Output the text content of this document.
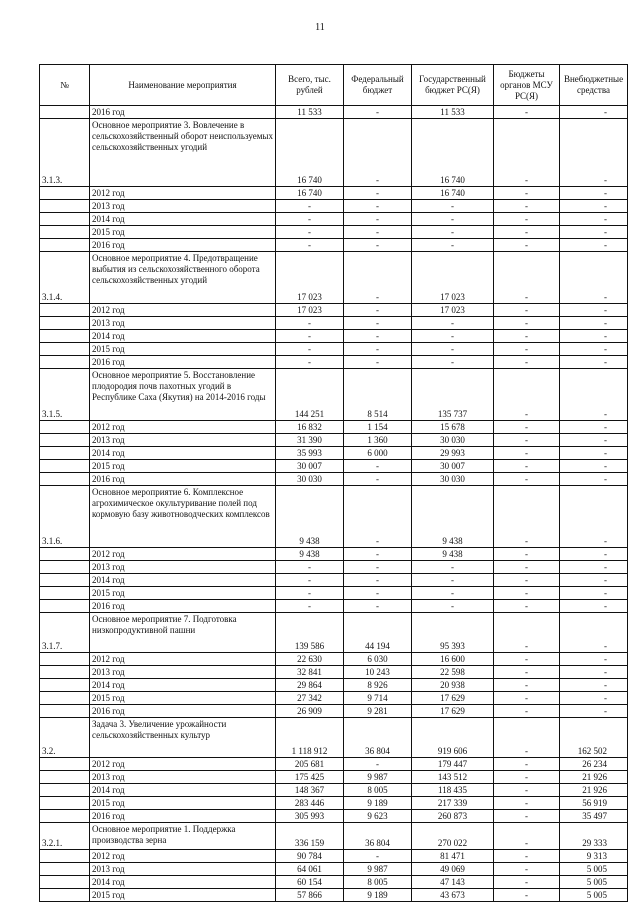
11
№	Наименование мероприятия	Всего, тыс. рублей	Федеральный бюджет	Государственный бюджет РС(Я)	Бюджеты органов МСУ РС(Я)	Внебюджетные средства
	2016 год	11 533	-	11 533	-	-
3.1.3.	Основное мероприятие 3. Вовлечение в сельскохозяйственный оборот неиспользуемых сельскохозяйственных угодий	16 740	-	16 740	-	-
	2012 год	16 740	-	16 740	-	-
	2013 год	-	-	-	-	-
	2014 год	-	-	-	-	-
	2015 год	-	-	-	-	-
	2016 год	-	-	-	-	-
3.1.4.	Основное мероприятие 4. Предотвращение выбытия из сельскохозяйственного оборота сельскохозяйственных угодий	17 023	-	17 023	-	-
	2012 год	17 023	-	17 023	-	-
	2013 год	-	-	-	-	-
	2014 год	-	-	-	-	-
	2015 год	-	-	-	-	-
	2016 год	-	-	-	-	-
3.1.5.	Основное мероприятие 5. Восстановление плодородия почв пахотных угодий в Республике Саха (Якутия) на 2014-2016 годы	144 251	8 514	135 737	-	-
	2012 год	16 832	1 154	15 678	-	-
	2013 год	31 390	1 360	30 030	-	-
	2014 год	35 993	6 000	29 993	-	-
	2015 год	30 007	-	30 007	-	-
	2016 год	30 030	-	30 030	-	-
3.1.6.	Основное мероприятие 6. Комплексное агрохимическое окультуривание полей под кормовую базу животноводческих комплексов	9 438	-	9 438	-	-
	2012 год	9 438	-	9 438	-	-
	2013 год	-	-	-	-	-
	2014 год	-	-	-	-	-
	2015 год	-	-	-	-	-
	2016 год	-	-	-	-	-
3.1.7.	Основное мероприятие 7. Подготовка низкопродуктивной пашни	139 586	44 194	95 393	-	-
	2012 год	22 630	6 030	16 600	-	-
	2013 год	32 841	10 243	22 598	-	-
	2014 год	29 864	8 926	20 938	-	-
	2015 год	27 342	9 714	17 629	-	-
	2016 год	26 909	9 281	17 629	-	-
3.2.	Задача 3. Увеличение урожайности сельскохозяйственных культур	1 118 912	36 804	919 606	-	162 502
	2012 год	205 681	-	179 447	-	26 234
	2013 год	175 425	9 987	143 512	-	21 926
	2014 год	148 367	8 005	118 435	-	21 926
	2015 год	283 446	9 189	217 339	-	56 919
	2016 год	305 993	9 623	260 873	-	35 497
3.2.1.	Основное мероприятие 1. Поддержка производства зерна	336 159	36 804	270 022	-	29 333
	2012 год	90 784	-	81 471	-	9 313
	2013 год	64 061	9 987	49 069	-	5 005
	2014 год	60 154	8 005	47 143	-	5 005
	2015 год	57 866	9 189	43 673	-	5 005
